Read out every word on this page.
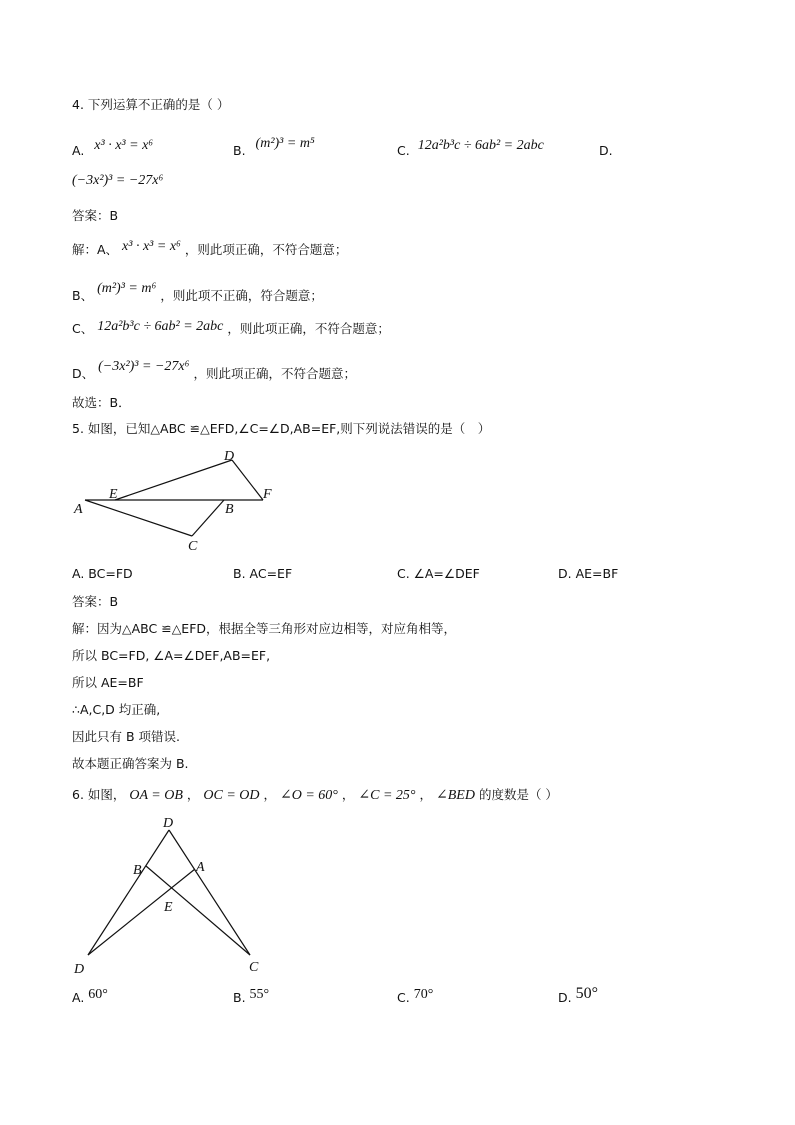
4. 下列运算不正确的是（ ）
A. x³ · x³ = x⁶	B. (m²)³ = m⁵	C. 12a²b³c ÷ 6ab² = 2abc	D.
(−3x²)³ = −27x⁶
答案：B
解：A、 x³ · x³ = x⁶ ，则此项正确，不符合题意；
B、 (m²)³ = m⁶ ，则此项不正确，符合题意；
C、 12a²b³c ÷ 6ab² = 2abc ，则此项正确，不符合题意；
D、 (−3x²)³ = −27x⁶ ，则此项正确，不符合题意；
故选：B．
5. 如图，已知△ABC ≌△EFD,∠C=∠D,AB=EF,则下列说法错误的是（　）
D
E	F
A	B
C
A. BC=FD	B. AC=EF	C. ∠A=∠DEF	D. AE=BF
答案：B
解：因为△ABC ≌△EFD，根据全等三角形对应边相等，对应角相等，
所以 BC=FD, ∠A=∠DEF,AB=EF,
所以 AE=BF
∴A,C,D 均正确,
因此只有 B 项错误.
故本题正确答案为 B.
6. 如图， OA = OB ， OC = OD ， ∠O = 60° ， ∠C = 25° ， ∠BED 的度数是（ ）
D
B	A
E
D	C
A. 60°	B. 55°	C. 70°	D. 50°
